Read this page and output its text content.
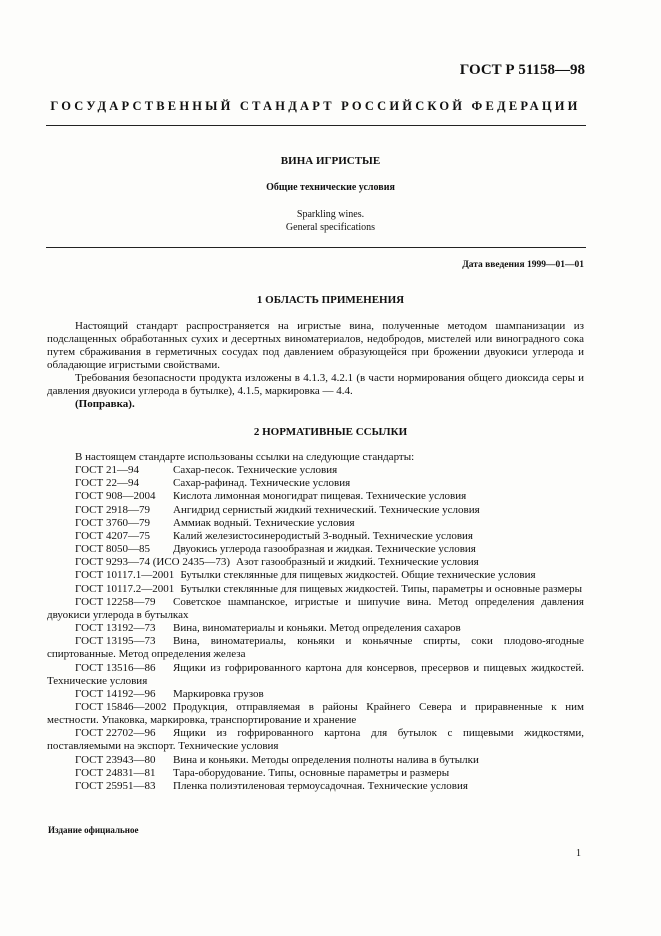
ГОСТ Р 51158—98
ГОСУДАРСТВЕННЫЙ СТАНДАРТ РОССИЙСКОЙ ФЕДЕРАЦИИ
ВИНА ИГРИСТЫЕ
Общие технические условия
Sparkling wines.
General specifications
Дата введения 1999—01—01
1 ОБЛАСТЬ ПРИМЕНЕНИЯ

Настоящий стандарт распространяется на игристые вина, полученные методом шампанизации из подслащенных обработанных сухих и десертных виноматериалов, недобродов, мистелей или виноградного сока путем сбраживания в герметичных сосудах под давлением образующейся при брожении двуокиси углерода и обладающие игристыми свойствами.

Требования безопасности продукта изложены в 4.1.3, 4.2.1 (в части нормирования общего диоксида серы и давления двуокиси углерода в бутылке), 4.1.5, маркировка — 4.4.

(Поправка).

2 НОРМАТИВНЫЕ ССЫЛКИ
В настоящем стандарте использованы ссылки на следующие стандарты:
ГОСТ 21—94	Сахар-песок. Технические условия
ГОСТ 22—94	Сахар-рафинад. Технические условия
ГОСТ 908—2004 Кислота лимонная моногидрат пищевая. Технические условия
ГОСТ 2918—79 Ангидрид сернистый жидкий технический. Технические условия
ГОСТ 3760—79 Аммиак водный. Технические условия
ГОСТ 4207—75 Калий железистосинеродистый 3-водный. Технические условия
ГОСТ 8050—85 Двуокись углерода газообразная и жидкая. Технические условия
ГОСТ 9293—74 (ИСО 2435—73) Азот газообразный и жидкий. Технические условия
ГОСТ 10117.1—2001 Бутылки стеклянные для пищевых жидкостей. Общие технические условия
ГОСТ 10117.2—2001 Бутылки стеклянные для пищевых жидкостей. Типы, параметры и основные размеры
ГОСТ 12258—79 Советское шампанское, игристые и шипучие вина. Метод определения давления двуокиси углерода в бутылках
ГОСТ 13192—73 Вина, виноматериалы и коньяки. Метод определения сахаров
ГОСТ 13195—73 Вина, виноматериалы, коньяки и коньячные спирты, соки плодово-ягодные спиртованные. Метод определения железа
ГОСТ 13516—86 Ящики из гофрированного картона для консервов, пресервов и пищевых жидкостей. Технические условия
ГОСТ 14192—96 Маркировка грузов
ГОСТ 15846—2002 Продукция, отправляемая в районы Крайнего Севера и приравненные к ним местности. Упаковка, маркировка, транспортирование и хранение
ГОСТ 22702—96 Ящики из гофрированного картона для бутылок с пищевыми жидкостями, поставляемыми на экспорт. Технические условия
ГОСТ 23943—80 Вина и коньяки. Методы определения полноты налива в бутылки
ГОСТ 24831—81 Тара-оборудование. Типы, основные параметры и размеры
ГОСТ 25951—83 Пленка полиэтиленовая термоусадочная. Технические условия
Издание официальное
1
